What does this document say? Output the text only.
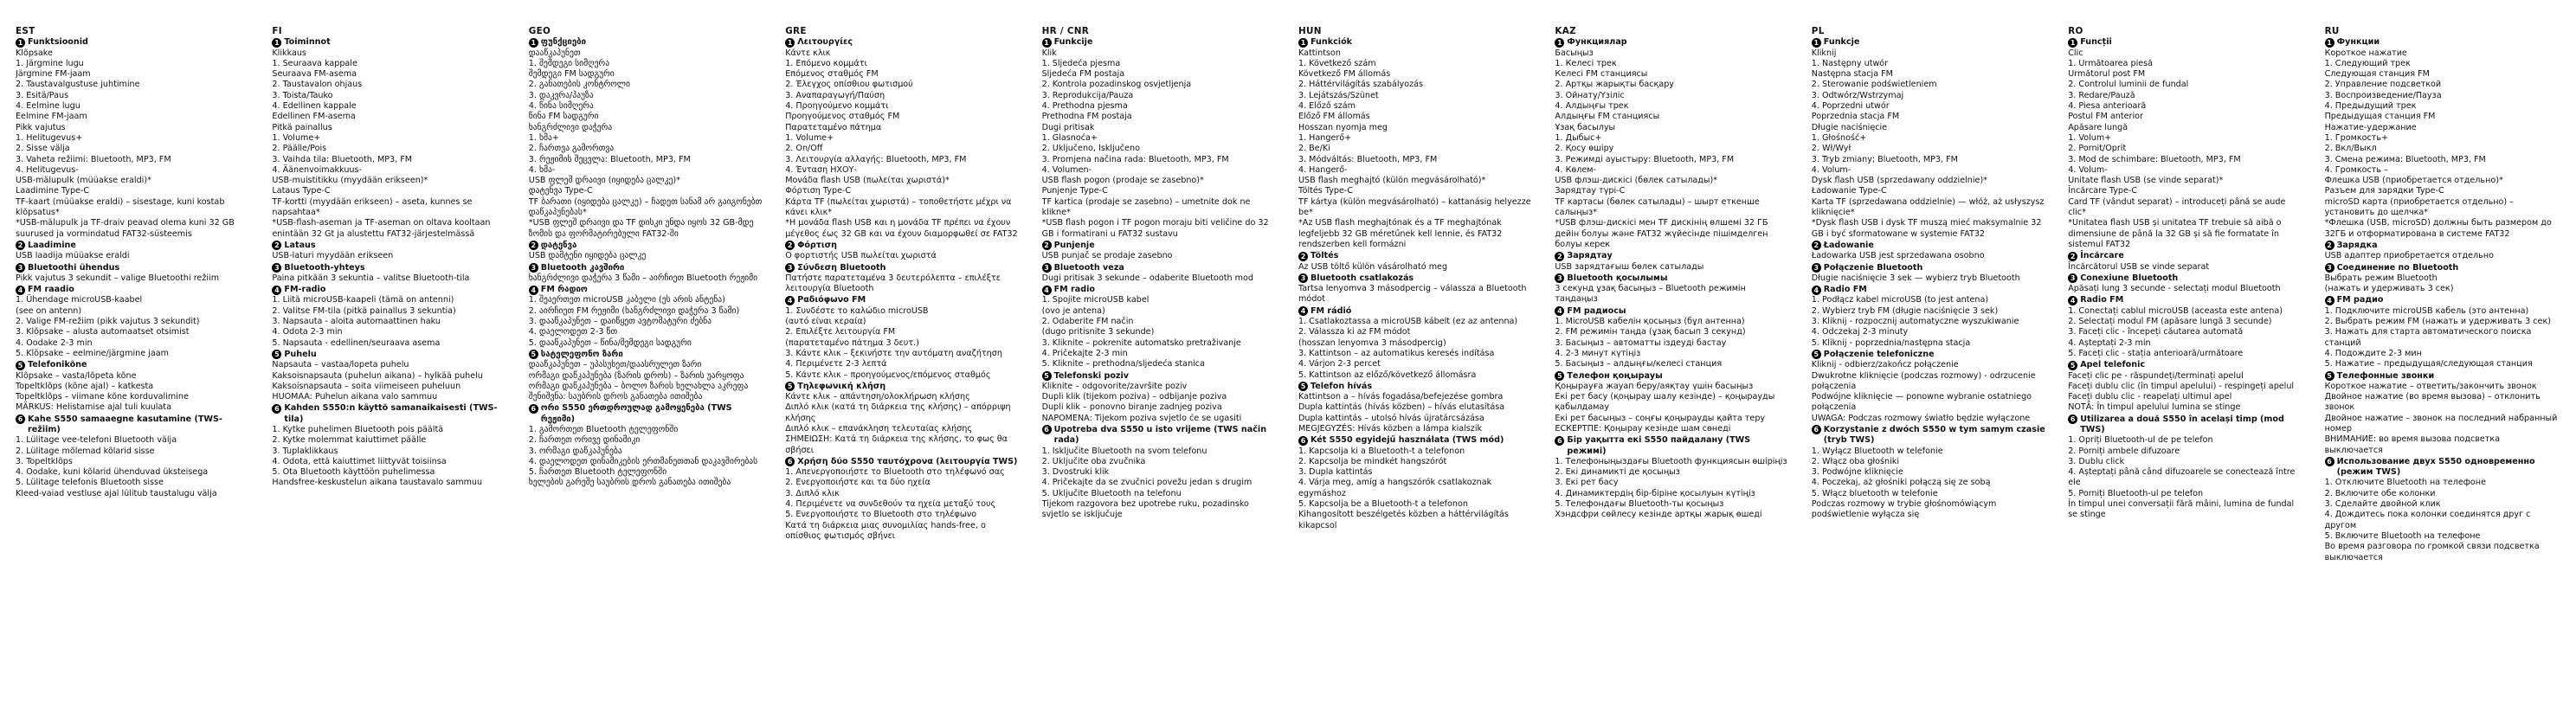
EST
1 Funktsioonid
Klõpsake
1. Järgmine lugu
Järgmine FM-jaam
2. Taustavalgustuse juhtimine
3. Esitä/Paus
4. Eelmine lugu
Eelmine FM-jaam
Pikk vajutus
1. Helitugevus+
2. Sisse välja
3. Vaheta režiimi: Bluetooth, MP3, FM
4. Helitugevus-
USB-mälupulk (müüakse eraldi)*
Laadimine Type-C
TF-kaart (müüakse eraldi) – sisestage, kuni kostab klõpsatus*
*USB-mälupulk ja TF-draiv peavad olema kuni 32 GB suurused ja vormindatud FAT32-süsteemis
2 Laadimine
USB laadija müüakse eraldi
3 Bluetoothi ühendus
Pikk vajutus 3 sekundit – valige Bluetoothi režiim
4 FM raadio
1. Ühendage microUSB-kaabel
(see on antenn)
2. Valige FM-režiim (pikk vajutus 3 sekundit)
3. Klõpsake – alusta automaatset otsimist
4. Oodake 2-3 min
5. Klõpsake – eelmine/järgmine jaam
5 Telefonikõne
Klõpsake – vasta/lõpeta kõne
Topeltklõps (kõne ajal) – katkesta
Topeltklõps – viimane kõne korduvalimine
MÄRKUS: Helistamise ajal tuli kuulata
6 Kahe S550 samaaegne kasutamine (TWS-režiim)
1. Lülitage vee-telefoni Bluetooth välja
2. Lülitage mõlemad kõlarid sisse
3. Topeltklõps
4. Oodake, kuni kõlarid ühenduvad üksteisega
5. Lülitage telefonis Bluetooth sisse
Kleed-vaiad vestluse ajal lülitub taustalugu välja
FI
1 Toiminnot
Klikkaus
1. Seuraava kappale
Seuraava FM-asema
2. Taustavalon ohjaus
3. Toista/Tauko
4. Edellinen kappale
Edellinen FM-asema
Pitkä painallus
1. Volume+
2. Päälle/Pois
3. Vaihda tila: Bluetooth, MP3, FM
4. Äänenvoimakkuus-
USB-muistitikku (myydään erikseen)*
Lataus Type-C
TF-kortti (myydään erikseen) – aseta, kunnes se napsahtaa*
*USB-flash-aseman ja TF-aseman on oltava kooltaan enintään 32 Gt ja alustettu FAT32-järjestelmässä
2 Lataus
USB-laturi myydään erikseen
3 Bluetooth-yhteys
Paina pitkään 3 sekuntia – valitse Bluetooth-tila
4 FM-radio
1. Liitä microUSB-kaapeli (tämä on antenni)
2. Valitse FM-tila (pitkä painallus 3 sekuntia)
3. Napsauta - aloita automaattinen haku
4. Odota 2-3 min
5. Napsauta - edellinen/seuraava asema
5 Puhelu
Napsauta – vastaa/lopeta puhelu
Kaksoisnapsauta (puhelun aikana) – hylkää puhelu
Kaksoisnapsauta – soita viimeiseen puheluun
HUOMAA: Puhelun aikana valo sammuu
6 Kahden S550:n käyttö samanaikaisesti (TWS-tila)
1. Kytke puhelimen Bluetooth pois päältä
2. Kytke molemmat kaiuttimet päälle
3. Tuplaklikkaus
4. Odota, että kaiuttimet liittyvät toisiinsa
5. Ota Bluetooth käyttöön puhelimessa
Handsfree-keskustelun aikana taustavalo sammuu
GEO
1 ფუნქციები
დააწკაპუნეთ
1. შემდეგი სიმღერა
შემდეგი FM სადგური
2. განათების კონტროლი
3. დაკვრა/პაუზა
4. წინა სიმღერა
წინა FM სადგური
ხანგრძლივი დაჭერა
1. ხმა+
2. ჩართვა გამორთვა
3. რეჟიმის შეცვლა: Bluetooth, MP3, FM
4. ხმა-
USB ფლეშ დრაივი (იყიდება ცალკე)*
დატენვა Type-C
TF ბარათი (იყიდება ცალკე) – ჩადეთ სანამ არ გაიგონებთ დაწკაპუნებას*
*USB ფლეშ დრაივი და TF დისკი უნდა იყოს 32 GB-მდე ზომის და ფორმატირებული FAT32-ში
2 დატენვა
USB დამტენი იყიდება ცალკე
3 Bluetooth კავშირი
ხანგრძლივი დაჭერა 3 წამი – აირჩიეთ Bluetooth რეჟიმი
4 FM რადიო
1. შეაერთეთ microUSB კაბელი (ეს არის ანტენა)
2. აირჩიეთ FM რეჟიმი (ხანგრძლივი დაჭერა 3 წამი)
3. დააწკაპუნეთ – დაიწყეთ ავტომატური ძებნა
4. დაელოდეთ 2-3 წთ
5. დააწკაპუნეთ – წინა/შემდეგი სადგური
5 სატელეფონო ზარი
დააწკაპუნეთ – უპასუხეთ/დაასრულეთ ზარი
ორმაგი დაწკაპუნება (ზარის დროს) – ზარის უარყოფა
ორმაგი დაწკაპუნება – ბოლო ზარის ხელახლა აკრეფა
შენიშვნა: საუბრის დროს განათება ითიშება
6 ორი S550 ერთდროულად გამოყენება (TWS რეჟიმი)
1. გამორთეთ Bluetooth ტელეფონში
2. ჩართეთ ორივე დინამიკი
3. ორმაგი დაწკაპუნება
4. დაელოდეთ დინამიკების ერთმანეთთან დაკავშირებას
5. ჩართეთ Bluetooth ტელეფონში
ხელების გარეშე საუბრის დროს განათება ითიშება
GRE
1 Λειτουργίες
Κάντε κλικ
1. Επόμενο κομμάτι
Επόμενος σταθμός FM
2. Έλεγχος οπίσθιου φωτισμού
3. Αναπαραγωγή/Παύση
4. Προηγούμενο κομμάτι
Προηγούμενος σταθμός FM
Παρατεταμένο πάτημα
1. Volume+
2. On/Off
3. Λειτουργία αλλαγής: Bluetooth, MP3, FM
4. Ένταση ΗΧΟΥ-
Μονάδα flash USB (πωλείται χωριστά)*
Φόρτιση Type-C
Κάρτα TF (πωλείται χωριστά) – τοποθετήστε μέχρι να κάνει κλικ*
*Η μονάδα flash USB και η μονάδα TF πρέπει να έχουν μέγεθος έως 32 GB και να έχουν διαμορφωθεί σε FAT32
2 Φόρτιση
Ο φορτιστής USB πωλείται χωριστά
3 Σύνδεση Bluetooth
Πατήστε παρατεταμένα 3 δευτερόλεπτα – επιλέξτε λειτουργία Bluetooth
4 Ραδιόφωνο FM
1. Συνδέστε το καλώδιο microUSB
(αυτό είναι κεραία)
2. Επιλέξτε λειτουργία FM
(παρατεταμένο πάτημα 3 δευτ.)
3. Κάντε κλικ – ξεκινήστε την αυτόματη αναζήτηση
4. Περιμένετε 2-3 λεπτά
5. Κάντε κλικ – προηγούμενος/επόμενος σταθμός
5 Τηλεφωνική κλήση
Κάντε κλικ – απάντηση/ολοκλήρωση κλήσης
Διπλό κλικ (κατά τη διάρκεια της κλήσης) – απόρριψη κλήσης
Διπλό κλικ – επανάκληση τελευταίας κλήσης
ΣΗΜΕΙΩΣΗ: Κατά τη διάρκεια της κλήσης, το φως θα σβήσει
6 Χρήση δύο S550 ταυτόχρονα (λειτουργία TWS)
1. Απενεργοποιήστε το Bluetooth στο τηλέφωνό σας
2. Ενεργοποιήστε και τα δύο ηχεία
3. Διπλό κλικ
4. Περιμένετε να συνδεθούν τα ηχεία μεταξύ τους
5. Ενεργοποιήστε το Bluetooth στο τηλέφωνο
Κατά τη διάρκεια μιας συνομιλίας hands-free, ο οπίσθιος φωτισμός σβήνει
HR / CNR
1 Funkcije
Klik
1. Sljedeća pjesma
Sljedeća FM postaja
2. Kontrola pozadinskog osvjetljenja
3. Reprodukcija/Pauza
4. Prethodna pjesma
Prethodna FM postaja
Dugi pritisak
1. Glasnoća+
2. Uključeno, Isključeno
3. Promjena načina rada: Bluetooth, MP3, FM
4. Volumen-
USB flash pogon (prodaje se zasebno)*
Punjenje Type-C
TF kartica (prodaje se zasebno) – umetnite dok ne klikne*
*USB flash pogon i TF pogon moraju biti veličine do 32 GB i formatirani u FAT32 sustavu
2 Punjenje
USB punjač se prodaje zasebno
3 Bluetooth veza
Dugi pritisak 3 sekunde – odaberite Bluetooth mod
4 FM radio
1. Spojite microUSB kabel
(ovo je antena)
2. Odaberite FM način
(dugo pritisnite 3 sekunde)
3. Kliknite – pokrenite automatsko pretraživanje
4. Pričekajte 2-3 min
5. Kliknite – prethodna/sljedeća stanica
5 Telefonski poziv
Kliknite – odgovorite/završite poziv
Dupli klik (tijekom poziva) – odbijanje poziva
Dupli klik – ponovno biranje zadnjeg poziva
NAPOMENA: Tijekom poziva svjetlo će se ugasiti
6 Upotreba dva S550 u isto vrijeme (TWS način rada)
1. Isključite Bluetooth na svom telefonu
2. Uključite oba zvučnika
3. Dvostruki klik
4. Pričekajte da se zvučnici povežu jedan s drugim
5. Uključite Bluetooth na telefonu
Tijekom razgovora bez upotrebe ruku, pozadinsko svjetlo se isključuje
HUN
1 Funkciók
Kattintson
1. Következő szám
Következő FM állomás
2. Háttérvilágítás szabályozás
3. Lejátszás/Szünet
4. Előző szám
Előző FM állomás
Hosszan nyomja meg
1. Hangerő+
2. Be/Ki
3. Módváltás: Bluetooth, MP3, FM
4. Hangerő-
USB flash meghajtó (külön megvásárolható)*
Töltés Type-C
TF kártya (külön megvásárolható) – kattanásig helyezze be*
*Az USB flash meghajtónak és a TF meghajtónak legfeljebb 32 GB méretűnek kell lennie, és FAT32 rendszerben kell formázni
2 Töltés
Az USB töltő külön vásárolható meg
3 Bluetooth csatlakozás
Tartsa lenyomva 3 másodpercig – válassza a Bluetooth módot
4 FM rádió
1. Csatlakoztassa a microUSB kábelt (ez az antenna)
2. Válassza ki az FM módot
(hosszan lenyomva 3 másodpercig)
3. Kattintson – az automatikus keresés indítása
4. Várjon 2-3 percet
5. Kattintson az előző/következő állomásra
5 Telefon hívás
Kattintson a – hívás fogadása/befejezése gombra
Dupla kattintás (hívás közben) – hívás elutasítása
Dupla kattintás – utolsó hívás újratárcsázása
MEGJEGYZÉS: Hívás közben a lámpa kialszik
6 Két S550 egyidejű használata (TWS mód)
1. Kapcsolja ki a Bluetooth-t a telefonon
2. Kapcsolja be mindkét hangszórót
3. Dupla kattintás
4. Várja meg, amíg a hangszórók csatlakoznak egymáshoz
5. Kapcsolja be a Bluetooth-t a telefonon
Kihangosított beszélgetés közben a háttérvilágítás kikapcsol
KAZ
1 Функциялар
Басыңыз
1. Келесі трек
Келесі FM станциясы
2. Артқы жарықты басқару
3. Ойнату/Үзіліс
4. Алдыңғы трек
Алдыңғы FM станциясы
Ұзақ басылуы
1. Дыбыс+
2. Қосу өшіру
3. Режимді ауыстыру: Bluetooth, MP3, FM
4. Көлем-
USB флэш-дискісі (бөлек сатылады)*
Зарядтау түрі-С
TF картасы (бөлек сатылады) – шырт еткенше салыңыз*
*USB флэш-дискісі мен TF дискінің өлшемі 32 ГБ дейін болуы және FAT32 жүйесінде пішімделген болуы керек
2 Зарядтау
USB зарядтағыш бөлек сатылады
3 Bluetooth қосылымы
3 секунд ұзақ басыңыз – Bluetooth режимін таңдаңыз
4 FM радиосы
1. MicroUSB кабелін қосыңыз (бұл антенна)
2. FM режимін таңда (ұзақ басып 3 секунд)
3. Басыңыз – автоматты іздеуді бастау
4. 2-3 минут күтіңіз
5. Басыңыз – алдыңғы/келесі станция
5 Телефон қоңырауы
Қоңырауға жауап беру/аяқтау үшін басыңыз
Екі рет басу (қоңырау шалу кезінде) – қоңырауды қабылдамау
Екі рет басыңыз – соңғы қоңырауды қайта теру
ЕСКЕРТПЕ: Қоңырау кезінде шам сөнеді
6 Бір уақытта екі S550 пайдалану (TWS режимі)
1. Телефоныңыздағы Bluetooth функциясын өшіріңіз
2. Екі динамикті де қосыңыз
3. Екі рет басу
4. Динамиктердің бір-біріне қосылуын күтіңіз
5. Телефондағы Bluetooth-ты қосыңыз
Хэндсфри сөйлесу кезінде артқы жарық өшеді
PL
1 Funkcje
Kliknij
1. Następny utwór
Następna stacja FM
2. Sterowanie podświetleniem
3. Odtwórz/Wstrzymaj
4. Poprzedni utwór
Poprzednia stacja FM
Długie naciśnięcie
1. Głośność+
2. Wł/Wył
3. Tryb zmiany; Bluetooth, MP3, FM
4. Volum-
Dysk flash USB (sprzedawany oddzielnie)*
Ładowanie Type-C
Karta TF (sprzedawana oddzielnie) — włóż, aż usłyszysz kliknięcie*
*Dysk flash USB i dysk TF muszą mieć maksymalnie 32 GB i być sformatowane w systemie FAT32
2 Ładowanie
Ładowarka USB jest sprzedawana osobno
3 Połączenie Bluetooth
Długie naciśnięcie 3 sek — wybierz tryb Bluetooth
4 Radio FM
1. Podłącz kabel microUSB (to jest antena)
2. Wybierz tryb FM (długie naciśnięcie 3 sek)
3. Kliknij - rozpocznij automatyczne wyszukiwanie
4. Odczekaj 2-3 minuty
5. Kliknij - poprzednia/następna stacja
5 Połączenie telefoniczne
Kliknij - odbierz/zakończ połączenie
Dwukrotne kliknięcie (podczas rozmowy) - odrzucenie połączenia
Podwójne kliknięcie — ponowne wybranie ostatniego połączenia
UWAGA: Podczas rozmowy światło będzie wyłączone
6 Korzystanie z dwóch S550 w tym samym czasie (tryb TWS)
1. Wyłącz Bluetooth w telefonie
2. Włącz oba głośniki
3. Podwójne kliknięcie
4. Poczekaj, aż głośniki połączą się ze sobą
5. Włącz bluetooth w telefonie
Podczas rozmowy w trybie głośnomówiącym podświetlenie wyłącza się
RO
1 Funcții
Clic
1. Următoarea piesă
Următorul post FM
2. Controlul luminii de fundal
3. Redare/Pauză
4. Piesa anterioară
Postul FM anterior
Apăsare lungă
1. Volum+
2. Pornit/Oprit
3. Mod de schimbare: Bluetooth, MP3, FM
4. Volum-
Unitate flash USB (se vinde separat)*
Încărcare Type-C
Card TF (vândut separat) – introduceți până se aude clic*
*Unitatea flash USB și unitatea TF trebuie să aibă o dimensiune de până la 32 GB și să fie formatate în sistemul FAT32
2 Încărcare
Încărcătorul USB se vinde separat
3 Conexiune Bluetooth
Apăsați lung 3 secunde - selectați modul Bluetooth
4 Radio FM
1. Conectați cablul microUSB (aceasta este antena)
2. Selectați modul FM (apăsare lungă 3 secunde)
3. Faceți clic - începeți căutarea automată
4. Așteptați 2-3 min
5. Faceți clic - stația anterioară/următoare
5 Apel telefonic
Faceți clic pe - răspundeți/terminați apelul
Faceți dublu clic (în timpul apelului) - respingeți apelul
Faceți dublu clic - reapelați ultimul apel
NOTĂ: În timpul apelului lumina se stinge
6 Utilizarea a două S550 în același timp (mod TWS)
1. Opriți Bluetooth-ul de pe telefon
2. Porniți ambele difuzoare
3. Dublu click
4. Așteptați până când difuzoarele se conectează între ele
5. Porniți Bluetooth-ul pe telefon
În timpul unei conversații fără mâini, lumina de fundal se stinge
RU
1 Функции
Короткое нажатие
1. Следующий трек
Следующая станция FM
2. Управление подсветкой
3. Воспроизведение/Пауза
4. Предыдущий трек
Предыдущая станция FM
Нажатие-удержание
1. Громкость+
2. Вкл/Выкл
3. Смена режима: Bluetooth, MP3, FM
4. Громкость –
Флешка USB (приобретается отдельно)*
Разъем для зарядки Type-C
microSD карта (приобретается отдельно) – установить до щелчка*
*Флешка (USB, microSD) должны быть размером до 32ГБ и отформатирована в системе FAT32
2 Зарядка
USB адаптер приобретается отдельно
3 Соединение по Bluetooth
Выбрать режим Bluetooth
(нажать и удерживать 3 сек)
4 FM радио
1. Подключите microUSB кабель (это антенна)
2. Выбрать режим FM (нажать и удерживать 3 сек)
3. Нажать для старта автоматического поиска станций
4. Подождите 2-3 мин
5. Нажатие – предыдущая/следующая станция
5 Телефонные звонки
Короткое нажатие – ответить/закончить звонок
Двойное нажатие (во время вызова) – отклонить звонок
Двойное нажатие – звонок на последний набранный номер
ВНИМАНИЕ: во время вызова подсветка выключается
6 Использование двух S550 одновременно (режим TWS)
1. Отключите Bluetooth на телефоне
2. Включите обе колонки
3. Сделайте двойной клик
4. Дождитесь пока колонки соединятся друг с другом
5. Включите Bluetooth на телефоне
Во время разговора по громкой связи подсветка выключается
